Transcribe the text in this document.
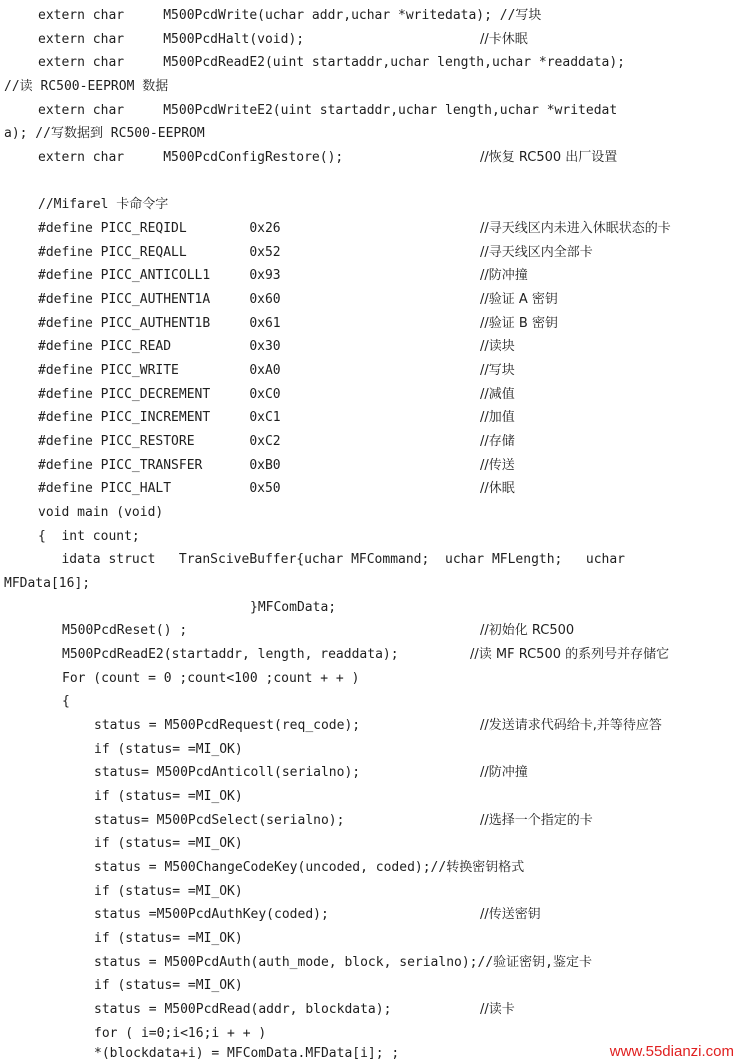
extern char     M500PcdWrite(uchar addr,uchar *writedata); //写块
extern char     M500PcdHalt(void);	//卡休眠
extern char     M500PcdReadE2(uint startaddr,uchar length,uchar *readdata);
//读 RC500-EEPROM 数据
extern char     M500PcdWriteE2(uint startaddr,uchar length,uchar *writedat
a); //写数据到 RC500-EEPROM
extern char     M500PcdConfigRestore();	//恢复 RC500 出厂设置
//Mifarel 卡命令字
#define PICC_REQIDL        0x26	//寻天线区内未进入休眠状态的卡
#define PICC_REQALL        0x52	//寻天线区内全部卡
#define PICC_ANTICOLL1     0x93	//防冲撞
#define PICC_AUTHENT1A     0x60	//验证 A 密钥
#define PICC_AUTHENT1B     0x61	//验证 B 密钥
#define PICC_READ          0x30	//读块
#define PICC_WRITE         0xA0	//写块
#define PICC_DECREMENT     0xC0	//减值
#define PICC_INCREMENT     0xC1	//加值
#define PICC_RESTORE       0xC2	//存储
#define PICC_TRANSFER      0xB0	//传送
#define PICC_HALT          0x50	//休眠
void main (void)
{  int count;
idata struct   TranSciveBuffer{uchar MFCommand;  uchar MFLength;   uchar
MFData[16];
}MFComData;
M500PcdReset() ;	//初始化 RC500
M500PcdReadE2(startaddr, length, readdata);	//读 MF RC500 的系列号并存储它
For (count = 0 ;count<100 ;count + + )
{
status = M500PcdRequest(req_code);	//发送请求代码给卡,并等待应答
if (status= =MI_OK)
status= M500PcdAnticoll(serialno);	//防冲撞
if (status= =MI_OK)
status= M500PcdSelect(serialno);	//选择一个指定的卡
if (status= =MI_OK)
status = M500ChangeCodeKey(uncoded, coded);//转换密钥格式
if (status= =MI_OK)
status =M500PcdAuthKey(coded);	//传送密钥
if (status= =MI_OK)
status = M500PcdAuth(auth_mode, block, serialno);//验证密钥,鉴定卡
if (status= =MI_OK)
status = M500PcdRead(addr, blockdata);	//读卡
for ( i=0;i<16;i + + )
*(blockdata+i) = MFComData.MFData[i]; ;	www.55dianzi.com
